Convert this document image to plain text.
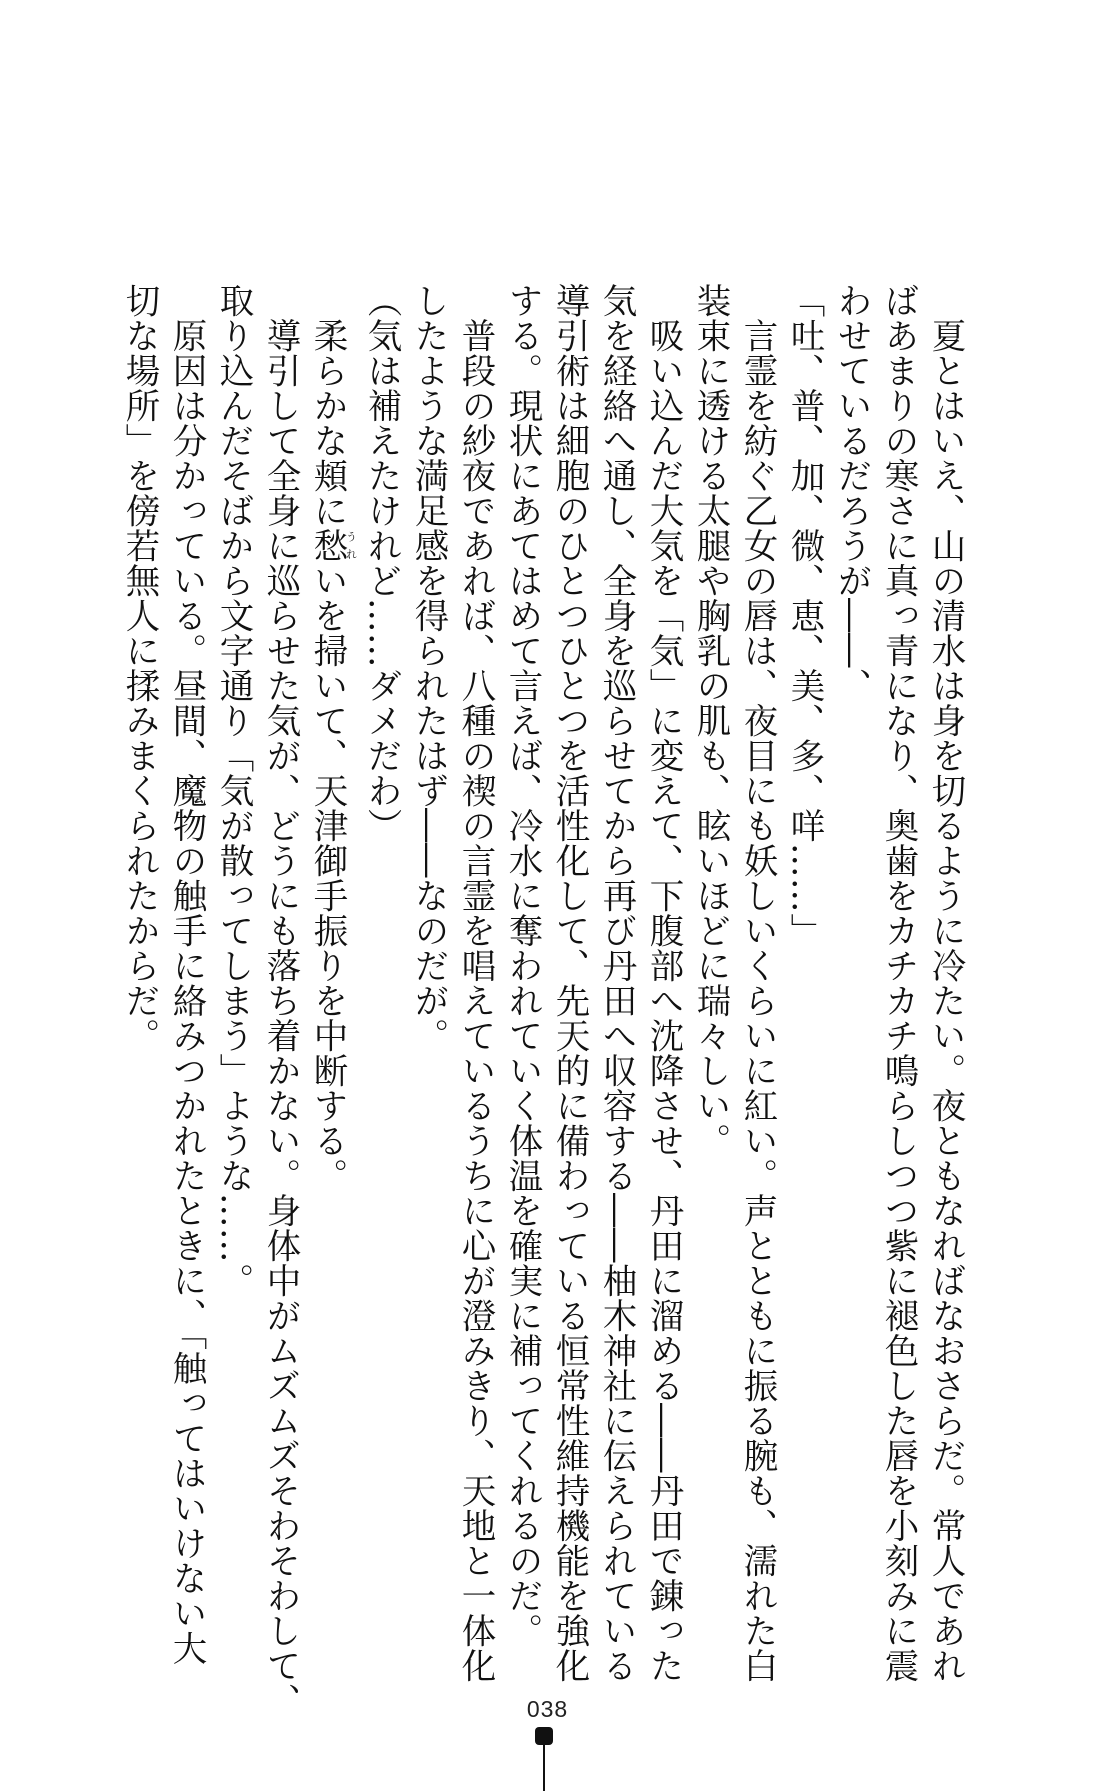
　夏とはいえ、山の清水は身を切るように冷たい。夜ともなればなおさらだ。常人であれ
ばあまりの寒さに真っ青になり、奥歯をカチカチ鳴らしつつ紫に褪色した唇を小刻みに震
わせているだろうが――、
「吐、普、加、微、恵、美、多、咩……」
　言霊を紡ぐ乙女の唇は、夜目にも妖しいくらいに紅い。声とともに振る腕も、濡れた白
装束に透ける太腿や胸乳の肌も、眩いほどに瑞々しい。
　吸い込んだ大気を「気」に変えて、下腹部へ沈降させ、丹田に溜める――丹田で錬った
気を経絡へ通し、全身を巡らせてから再び丹田へ収容する――柚木神社に伝えられている
導引術は細胞のひとつひとつを活性化して、先天的に備わっている恒常性維持機能を強化
する。現状にあてはめて言えば、冷水に奪われていく体温を確実に補ってくれるのだ。
　普段の紗夜であれば、八種の禊の言霊を唱えているうちに心が澄みきり、天地と一体化
したような満足感を得られたはず――なのだが。
（気は補えたけれど……ダメだわ）
　柔らかな頬に愁うれいを掃いて、天津御手振りを中断する。
　導引して全身に巡らせた気が、どうにも落ち着かない。身体中がムズムズそわそわして、
取り込んだそばから文字通り「気が散ってしまう」ような……。
　原因は分かっている。昼間、魔物の触手に絡みつかれたときに、「触ってはいけない大
切な場所」を傍若無人に揉みまくられたからだ。
038
